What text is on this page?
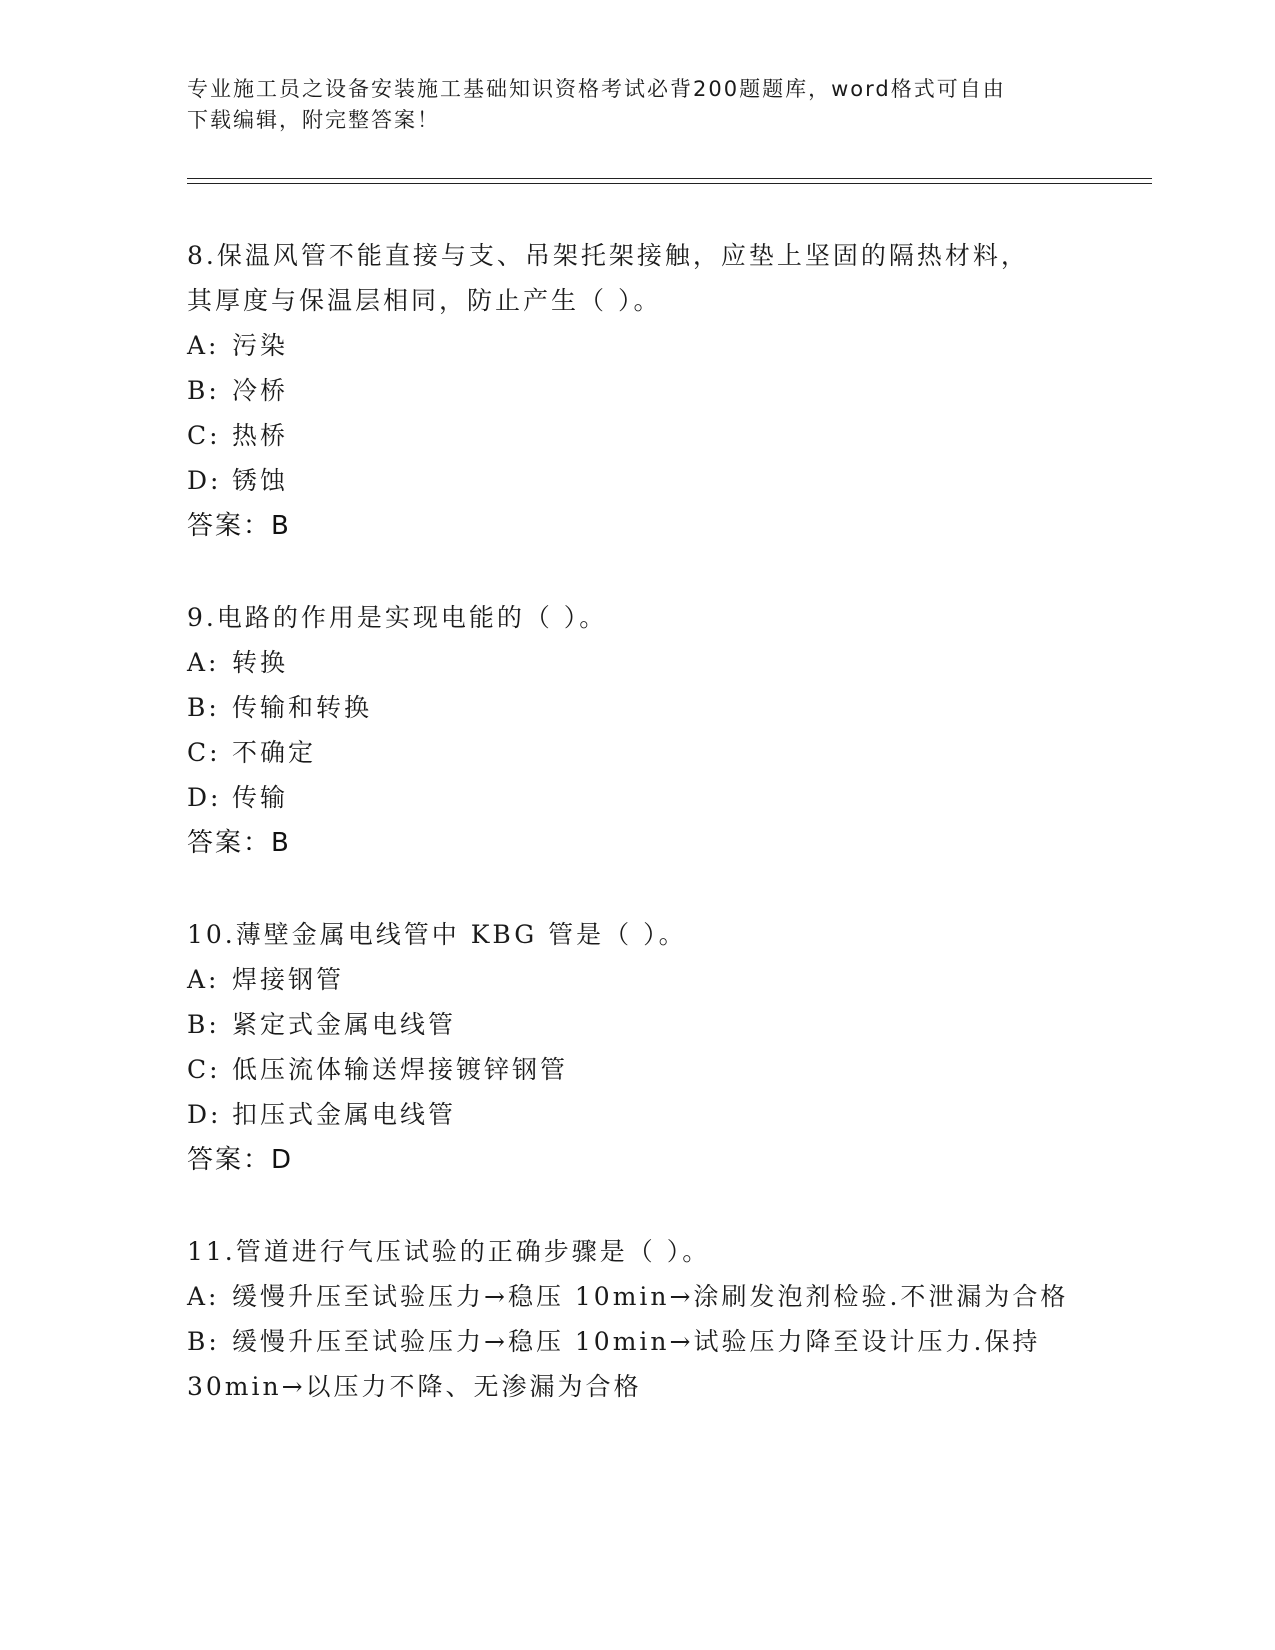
专业施工员之设备安装施工基础知识资格考试必背200题题库，word格式可自由
下载编辑，附完整答案！
8.保温风管不能直接与支、吊架托架接触，应垫上坚固的隔热材料，
其厚度与保温层相同，防止产生（ ）。
A: 污染
B: 冷桥
C: 热桥
D: 锈蚀
答案：B
9.电路的作用是实现电能的（ ）。
A: 转换
B: 传输和转换
C: 不确定
D: 传输
答案：B
10.薄壁金属电线管中 KBG 管是（ ）。
A: 焊接钢管
B: 紧定式金属电线管
C: 低压流体输送焊接镀锌钢管
D: 扣压式金属电线管
答案：D
11.管道进行气压试验的正确步骤是（ ）。
A: 缓慢升压至试验压力→稳压 10min→涂刷发泡剂检验.不泄漏为合格
B: 缓慢升压至试验压力→稳压 10min→试验压力降至设计压力.保持
30min→以压力不降、无渗漏为合格
